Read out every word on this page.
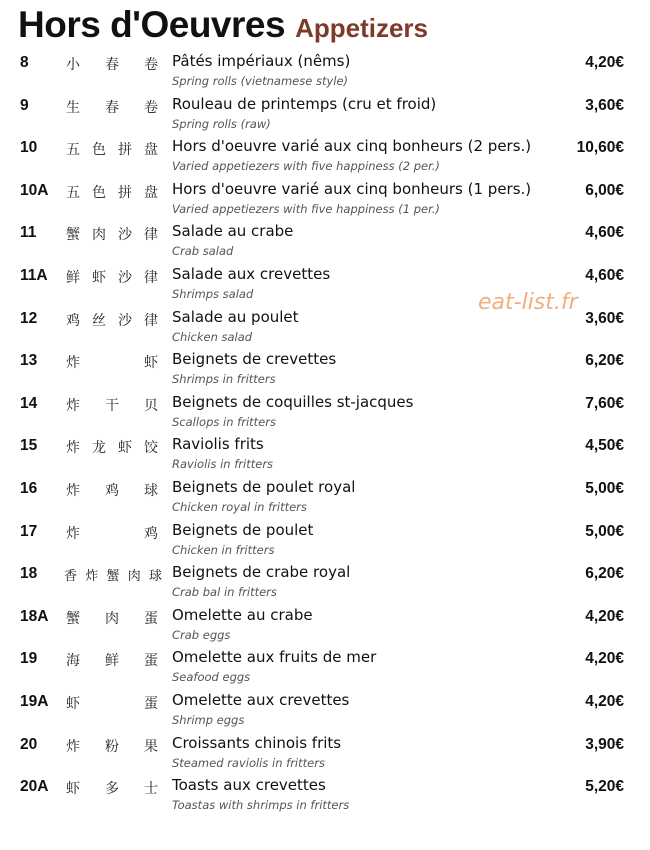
Hors d'Oeuvres Appetizers
8	小 春 卷 Pâtés impériaux (nêms)
Spring rolls (vietnamese style)
4,20€
9	生 春 卷 Rouleau de printemps (cru et froid)
Spring rolls (raw)
3,60€
10 五 色 拼 盘 Hors d'oeuvre varié aux cinq bonheurs (2 pers.)
Varied appetiezers with five happiness (2 per.)
10,60€
10A 五 色 拼 盘 Hors d'oeuvre varié aux cinq bonheurs (1 pers.)
Varied appetiezers with five happiness (1 per.)
6,00€
11 蟹 肉 沙 律 Salade au crabe
Crab salad
4,60€
11A 鲜 虾 沙 律 Salade aux crevettes
Shrimps salad
4,60€
12 鸡 丝 沙 律 Salade au poulet
Chicken salad
3,60€
13 炸	虾 Beignets de crevettes
Shrimps in fritters
6,20€
14 炸 干 贝 Beignets de coquilles st-jacques
Scallops in fritters
7,60€
15 炸 龙 虾 饺 Raviolis frits
Raviolis in fritters
4,50€
16 炸 鸡 球 Beignets de poulet royal
Chicken royal in fritters
5,00€
17 炸	鸡 Beignets de poulet
Chicken in fritters
5,00€
18 香 炸 蟹 肉 球 Beignets de crabe royal
Crab bal in fritters
6,20€
18A 蟹 肉 蛋 Omelette au crabe
Crab eggs
4,20€
19 海 鲜 蛋 Omelette aux fruits de mer
Seafood eggs
4,20€
19A 虾	蛋 Omelette aux crevettes
Shrimp eggs
4,20€
20 炸 粉 果 Croissants chinois frits
Steamed raviolis in fritters
3,90€
20A 虾 多 士 Toasts aux crevettes
Toastas with shrimps in fritters
5,20€
eat-list.fr
